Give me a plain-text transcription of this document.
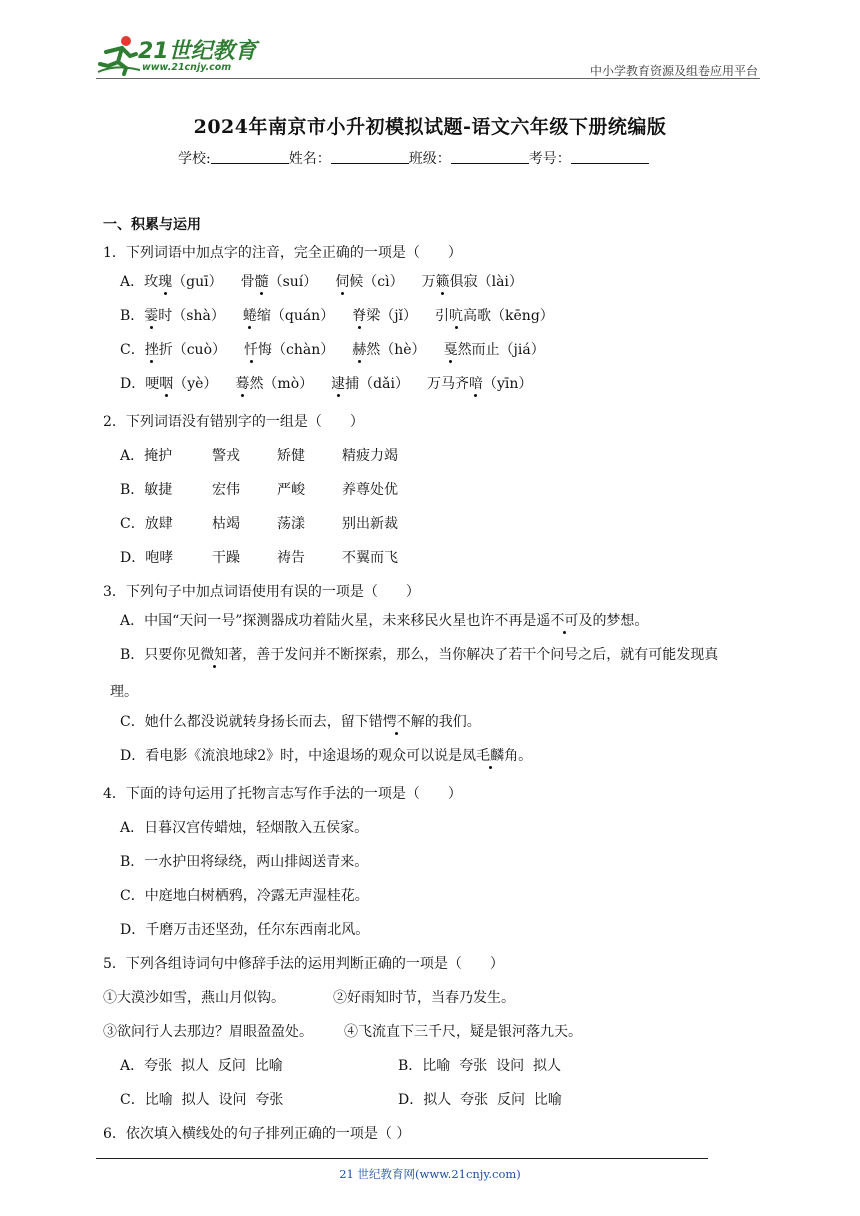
21世纪教育
www.21cnjy.com	中小学教育资源及组卷应用平台
2024年南京市小升初模拟试题-语文六年级下册统编版
学校:	姓名：	班级：	考号：
一、积累与运用
1．下列词语中加点字的注音，完全正确的一项是（　　）
A．玫瑰（guī） 骨髓（suí） 伺候（cì） 万籁俱寂（lài）
B．霎时（shà） 蜷缩（quán） 脊梁（jǐ） 引吭高歌（kēng）
C．挫折（cuò） 忏悔（chàn） 赫然（hè） 戛然而止（jiá）
D．哽咽（yè） 蓦然（mò） 逮捕（dǎi） 万马齐喑（yīn）
2．下列词语没有错别字的一组是（　　）
A．掩护	警戎	矫健	精疲力竭
B．敏捷	宏伟	严峻	养尊处优
C．放肆	枯竭	荡漾	别出新裁
D．咆哮	干躁	祷告	不翼而飞
3．下列句子中加点词语使用有误的一项是（　　）
A．中国“天问一号”探测器成功着陆火星，未来移民火星也许不再是遥不可及的梦想。
B．只要你见微知著，善于发问并不断探索，那么，当你解决了若干个问号之后，就有可能发现真
理。
C．她什么都没说就转身扬长而去，留下错愕不解的我们。
D．看电影《流浪地球2》时，中途退场的观众可以说是凤毛麟角。
4．下面的诗句运用了托物言志写作手法的一项是（　　）
A．日暮汉宫传蜡烛，轻烟散入五侯家。
B．一水护田将绿绕，两山排闼送青来。
C．中庭地白树栖鸦，冷露无声湿桂花。
D．千磨万击还坚劲，任尔东西南北风。
5．下列各组诗词句中修辞手法的运用判断正确的一项是（　　）
①大漠沙如雪，燕山月似钩。	②好雨知时节，当春乃发生。
③欲问行人去那边？眉眼盈盈处。 ④飞流直下三千尺，疑是银河落九天。
A．夸张  拟人  反问  比喻	B．比喻  夸张  设问  拟人
C．比喻  拟人  设问  夸张	D．拟人  夸张  反问  比喻
6．依次填入横线处的句子排列正确的一项是（ ）
21 世纪教育网(www.21cnjy.com)
